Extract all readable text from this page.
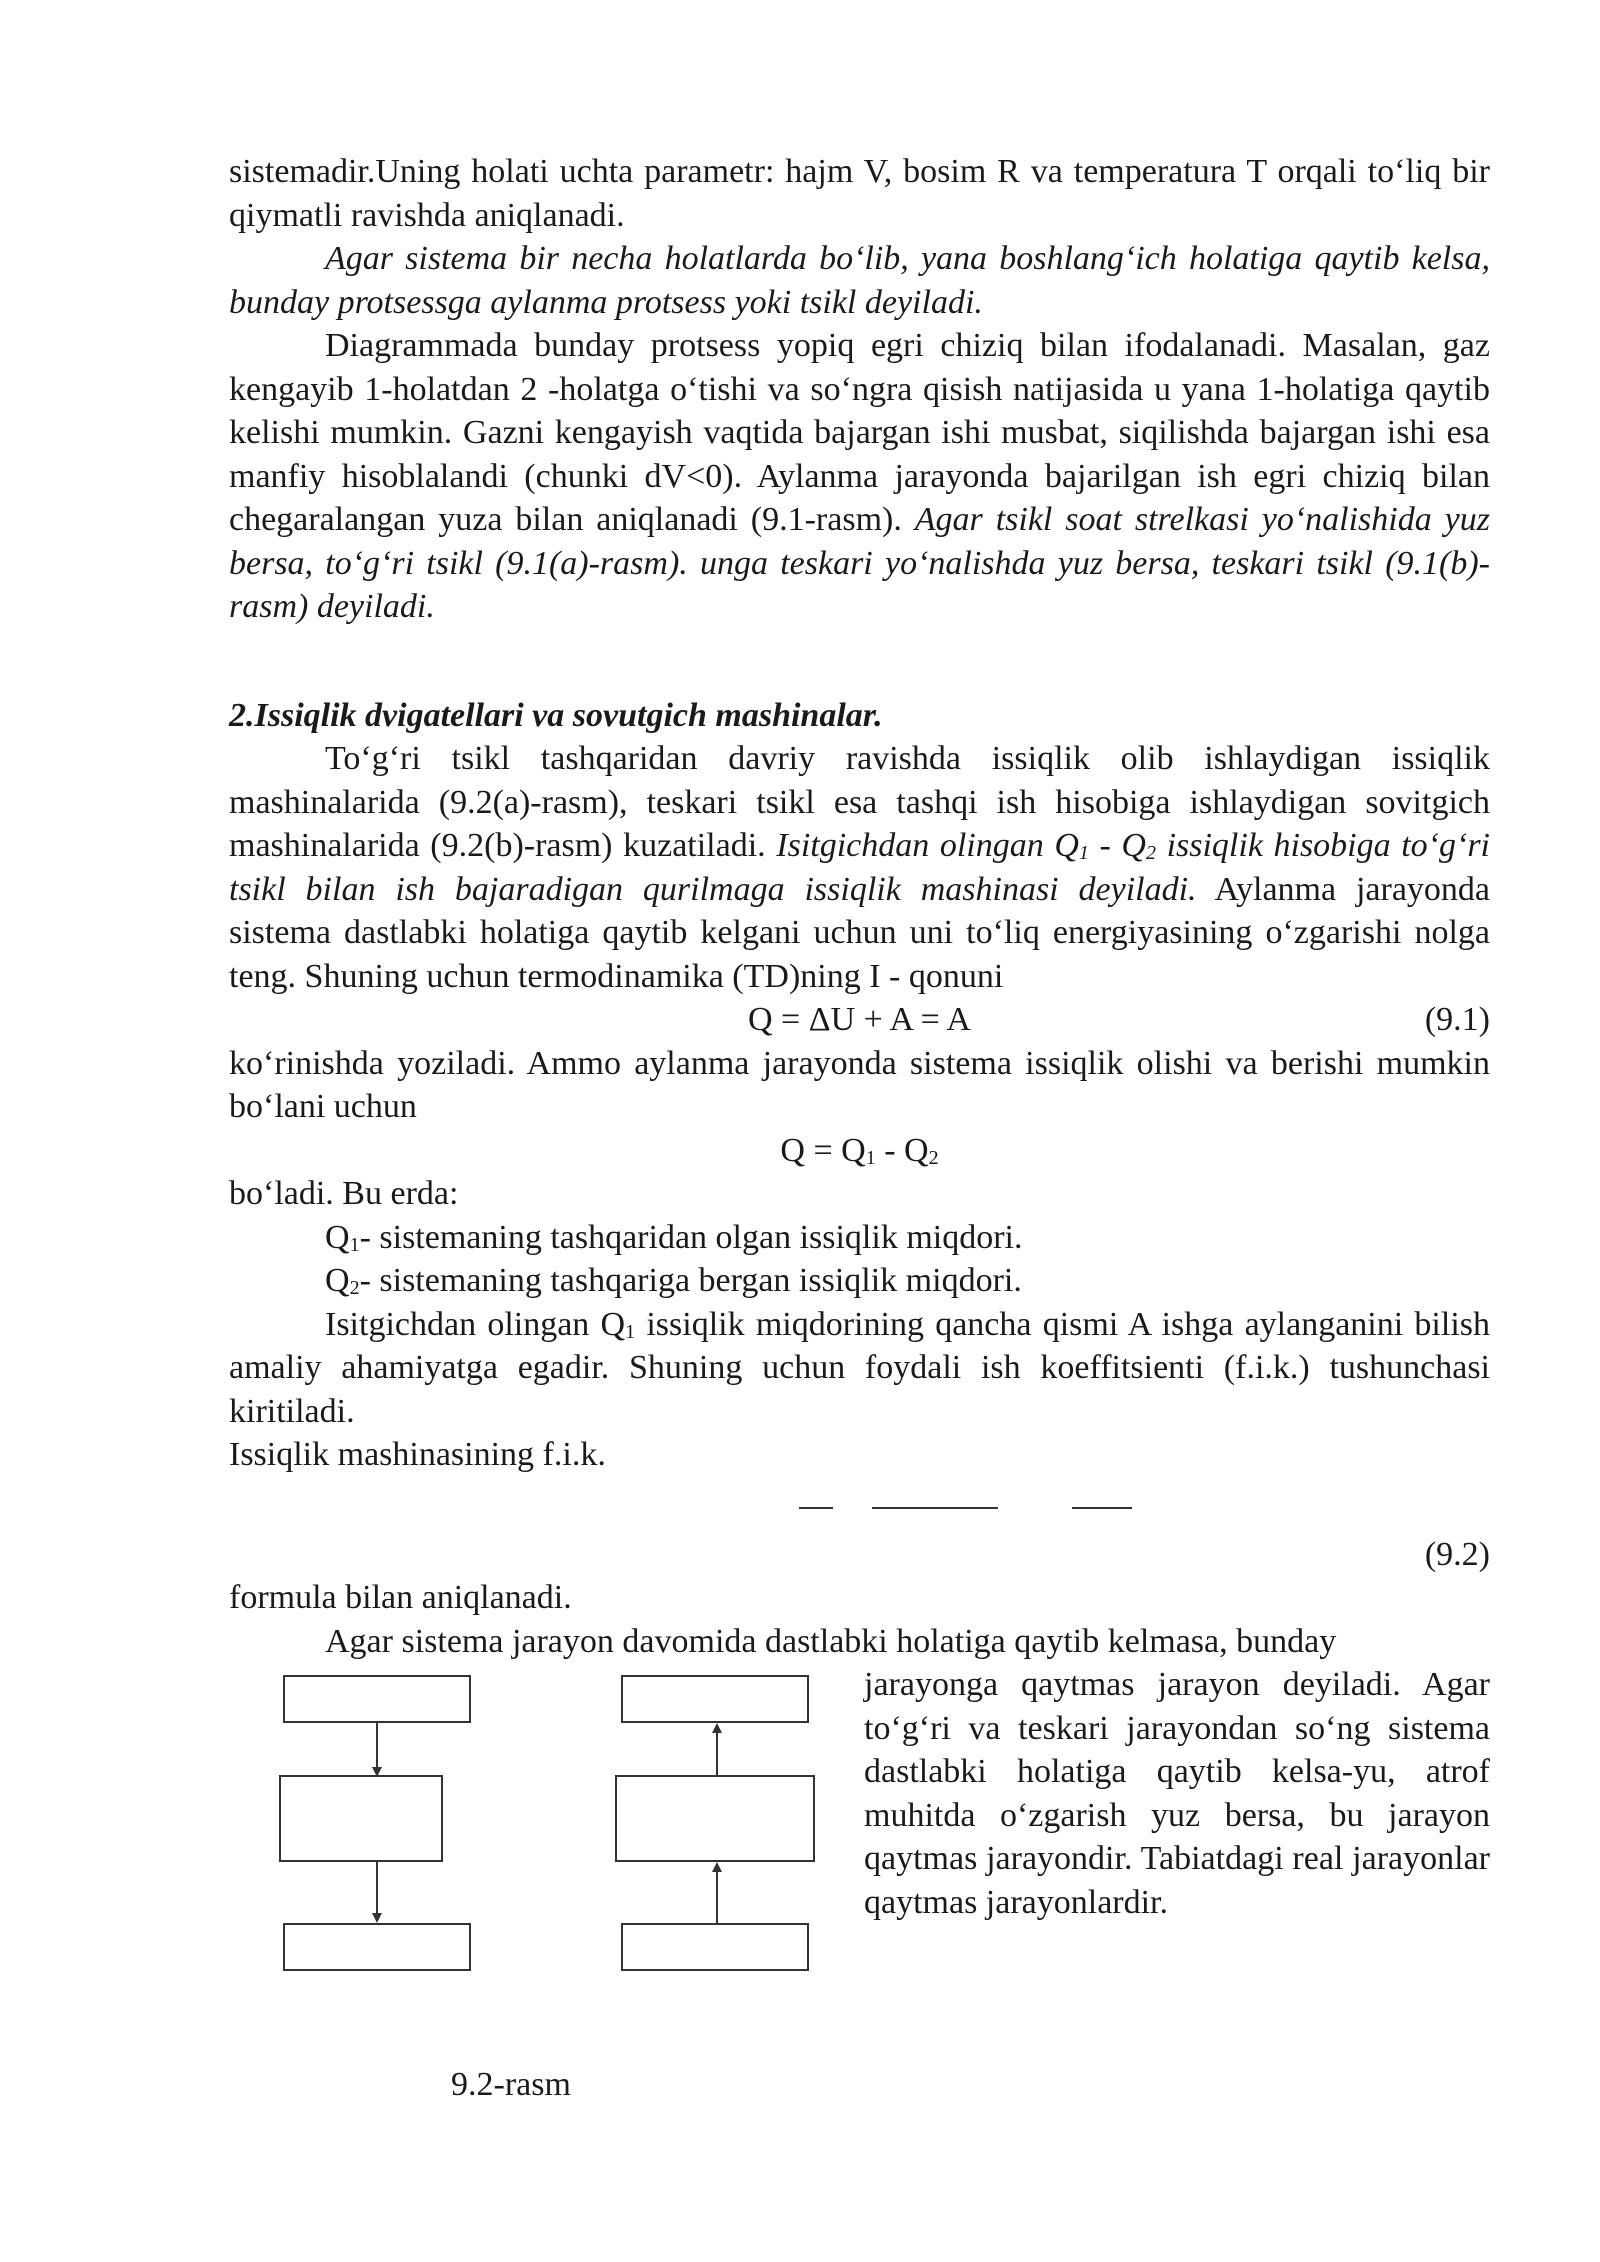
sistemadir.Uning holati uchta parametr: hajm V, bosim R va temperatura T orqali to‘liq bir qiymatli ravishda aniqlanadi.

Agar sistema bir necha holatlarda bo‘lib, yana boshlang‘ich holatiga qaytib kelsa, bunday protsessga aylanma protsess yoki tsikl deyiladi.

Diagrammada bunday protsess yopiq egri chiziq bilan ifodalanadi. Masalan, gaz kengayib 1-holatdan 2 -holatga o‘tishi va so‘ngra qisish natijasida u yana 1-holatiga qaytib kelishi mumkin. Gazni kengayish vaqtida bajargan ishi musbat, siqilishda bajargan ishi esa manfiy hisoblalandi (chunki dV<0). Aylanma jarayonda bajarilgan ish egri chiziq bilan chegaralangan yuza bilan aniqlanadi (9.1-rasm). Agar tsikl soat strelkasi yo‘nalishida yuz bersa, to‘g‘ri tsikl (9.1(a)-rasm). unga teskari yo‘nalishda yuz bersa, teskari tsikl (9.1(b)-rasm) deyiladi.

2.Issiqlik dvigatellari va sovutgich mashinalar.

To‘g‘ri tsikl tashqaridan davriy ravishda issiqlik olib ishlaydigan issiqlik mashinalarida (9.2(a)-rasm), teskari tsikl esa tashqi ish hisobiga ishlaydigan sovitgich mashinalarida (9.2(b)-rasm) kuzatiladi. Isitgichdan olingan $Q_1 - Q_2$ issiqlik hisobiga to‘g‘ri tsikl bilan ish bajaradigan qurilmaga issiqlik mashinasi deyiladi. Aylanma jarayonda sistema dastlabki holatiga qaytib kelgani uchun uni to‘liq energiyasining o‘zgarishi nolga teng. Shuning uchun termodinamika (TD)ning I - qonuni

Q = ΔU + A = A	(9.1)

ko‘rinishda yoziladi. Ammo aylanma jarayonda sistema issiqlik olishi va berishi mumkin bo‘lani uchun

$Q = Q_1 - Q_2$

bo‘ladi. Bu erda:

$Q_1-$ sistemaning tashqaridan olgan issiqlik miqdori.
$Q_2-$ sistemaning tashqariga bergan issiqlik miqdori.

Isitgichdan olingan $Q_1$ issiqlik miqdorining qancha qismi A ishga aylanganini bilish amaliy ahamiyatga egadir. Shuning uchun foydali ish koeffitsienti (f.i.k.) tushunchasi kiritiladi.

Issiqlik mashinasining f.i.k.

(9.2)

formula bilan aniqlanadi.

Agar sistema jarayon davomida dastlabki holatiga qaytib kelmasa, bunday

9.2-rasm

jarayonga qaytmas jarayon deyiladi. Agar to‘g‘ri va teskari jarayondan so‘ng sistema dastlabki holatiga qaytib kelsa-yu, atrof muhitda o‘zgarish yuz bersa, bu jarayon qaytmas jarayondir. Tabiatdagi real jarayonlar qaytmas jarayonlardir.
